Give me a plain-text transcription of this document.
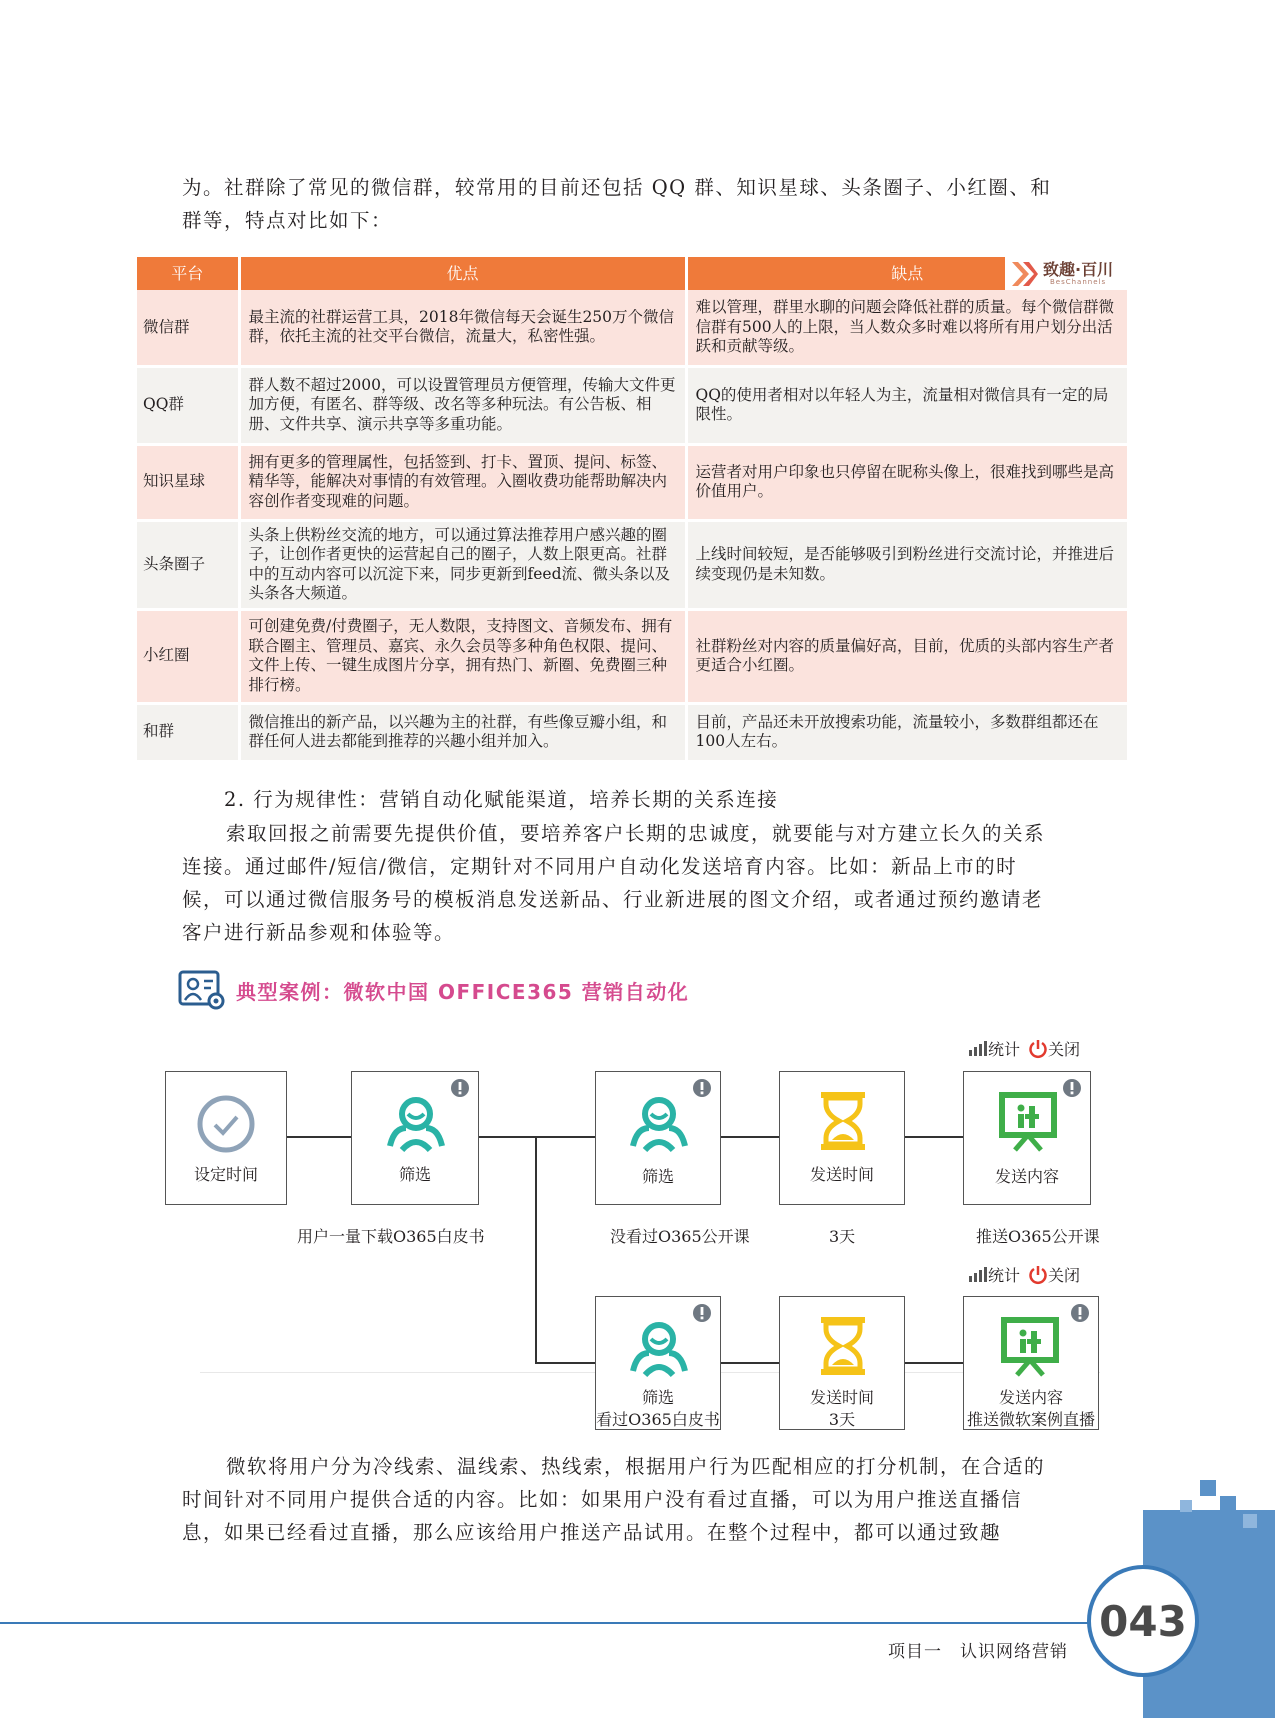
为。社群除了常见的微信群，较常用的目前还包括 QQ 群、知识星球、头条圈子、小红圈、和
群等，特点对比如下：
平台	优点	缺点 致趣·百川
BesChannels

微信群	最主流的社群运营工具，2018年微信每天会诞生250万个微信群，依托主流的社交平台微信，流量大，私密性强。	难以管理，群里水聊的问题会降低社群的质量。每个微信群微信群有500人的上限，当人数众多时难以将所有用户划分出活跃和贡献等级。
QQ群	群人数不超过2000，可以设置管理员方便管理，传输大文件更加方便，有匿名、群等级、改名等多种玩法。有公告板、相册、文件共享、演示共享等多重功能。	QQ的使用者相对以年轻人为主，流量相对微信具有一定的局限性。
知识星球	拥有更多的管理属性，包括签到、打卡、置顶、提问、标签、精华等，能解决对事情的有效管理。入圈收费功能帮助解决内容创作者变现难的问题。	运营者对用户印象也只停留在昵称头像上，很难找到哪些是高价值用户。
头条圈子	头条上供粉丝交流的地方，可以通过算法推荐用户感兴趣的圈子，让创作者更快的运营起自己的圈子，人数上限更高。社群中的互动内容可以沉淀下来，同步更新到feed流、微头条以及头条各大频道。	上线时间较短，是否能够吸引到粉丝进行交流讨论，并推进后续变现仍是未知数。
小红圈	可创建免费/付费圈子，无人数限，支持图文、音频发布、拥有联合圈主、管理员、嘉宾、永久会员等多种角色权限、提问、文件上传、一键生成图片分享，拥有热门、新圈、免费圈三种排行榜。	社群粉丝对内容的质量偏好高，目前，优质的头部内容生产者更适合小红圈。
和群	微信推出的新产品，以兴趣为主的社群，有些像豆瓣小组，和群任何人进去都能到推荐的兴趣小组并加入。	目前，产品还未开放搜索功能，流量较小，多数群组都还在100人左右。
2. 行为规律性：营销自动化赋能渠道，培养长期的关系连接
索取回报之前需要先提供价值，要培养客户长期的忠诚度，就要能与对方建立长久的关系
连接。通过邮件/短信/微信，定期针对不同用户自动化发送培育内容。比如：新品上市的时
候，可以通过微信服务号的模板消息发送新品、行业新进展的图文介绍，或者通过预约邀请老
客户进行新品参观和体验等。
典型案例：微软中国 OFFICE365 营销自动化
统计 关闭
设定时间	筛选	筛选	发送时间	发送内容
用户一量下载O365白皮书	没看过O365公开课	3天	推送O365公开课
统计 关闭
筛选
看过O365白皮书
发送时间
3天
发送内容
推送微软案例直播
微软将用户分为冷线索、温线索、热线索，根据用户行为匹配相应的打分机制，在合适的
时间针对不同用户提供合适的内容。比如：如果用户没有看过直播，可以为用户推送直播信
息，如果已经看过直播，那么应该给用户推送产品试用。在整个过程中，都可以通过致趣
项目一　认识网络营销
043
